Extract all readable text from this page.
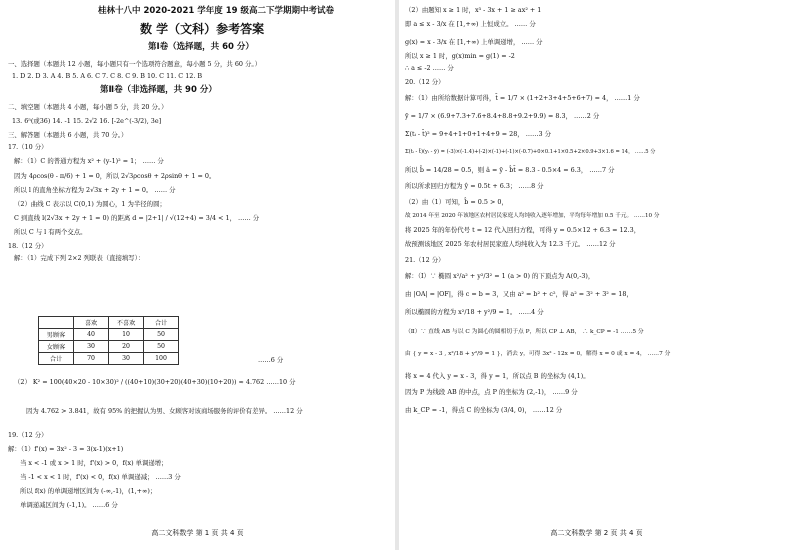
桂林十八中 2020-2021 学年度 19 级高二下学期期中考试卷
数 学（文科）参考答案
第Ⅰ卷（选择题，共 60 分）
一、选择题（本题共 12 小题，每小题只有一个选项符合题意，每小题 5 分，共 60 分。）
1. D 2. D 3. A 4. B 5. A 6. C 7. C 8. C 9. B 10. C 11. C 12. B
第Ⅱ卷（非选择题，共 90 分）
二、填空题（本题共 4 小题，每小题 5 分，共 20 分。）
13. 6⁵(或36) 14. -1 15. 2√2 16. [-2e^(-3/2), 3e]
三、解答题（本题共 6 小题，共 70 分。）
17.（10 分）
解：（1）C 的普通方程为 x² + (y-1)² = 1； …… 分
因为 4ρcos(θ - π/6) + 1 = 0，所以 2√3ρcosθ + 2ρsinθ + 1 = 0。
所以 l 的直角坐标方程为 2√3x + 2y + 1 = 0。 …… 分
（2）曲线 C 表示以 C(0,1) 为圆心，1 为半径的圆；
C 到直线 l(2√3x + 2y + 1 = 0) 的距离 d = |2+1| / √(12+4) = 3/4 < 1， …… 分
所以 C 与 l 有两个交点。
18.（12 分）
解：（1）完成下列 2×2 列联表（直接填写）：
	喜欢	不喜欢	合计
男顾客	40	10	50
女顾客	30	20	50
合计	70	30	100	……6 分
（2） K² = 100(40×20 - 10×30)² / ((40+10)(30+20)(40+30)(10+20)) ≈ 4.762 ……10 分
因为 4.762 > 3.841，故有 95% 的把握认为男、女顾客对该商场服务的评价有差异。 ……12 分
19.（12 分）
解：（1）f'(x) = 3x² - 3 = 3(x-1)(x+1)
当 x < -1 或 x > 1 时，f'(x) > 0，f(x) 单调递增；
当 -1 < x < 1 时，f'(x) < 0，f(x) 单调递减； ……3 分
所以 f(x) 的单调递增区间为 (-∞,-1)，(1,+∞)；
单调递减区间为 (-1,1)。 ……6 分
高二文科数学 第 1 页 共 4 页
（2）由题知 x ≥ 1 时，x³ - 3x + 1 ≥ ax² + 1
即 a ≤ x - 3/x 在 [1,+∞) 上恒成立。 …… 分
g(x) = x - 3/x 在 [1,+∞) 上单调递增， …… 分
所以 x ≥ 1 时，g(x)min = g(1) = -2
∴ a ≤ -2 …… 分
20.（12 分）
解：（1）由所给数据计算可得，t̄ = 1/7 × (1+2+3+4+5+6+7) = 4， ……1 分
ȳ = 1/7 × (6.9+7.3+7.6+8.4+8.8+9.2+9.9) = 8.3， ……2 分
Σ(tᵢ - t̄)² = 9+4+1+0+1+4+9 = 28， ……3 分
Σ(tᵢ - t̄)(yᵢ - ȳ) = (-3)×(-1.4)+(-2)×(-1)+(-1)×(-0.7)+0×0.1+1×0.5+2×0.9+3×1.6 = 14， ……5 分
所以 b̂ = 14/28 = 0.5，则 â = ȳ - b̂t̄ = 8.3 - 0.5×4 = 6.3， ……7 分
所以所求回归方程为 ŷ = 0.5t + 6.3； ……8 分
（2）由（1）可知，b̂ = 0.5 > 0，
故 2014 年至 2020 年该地区农村居民家庭人均纯收入逐年增加，平均每年增加 0.5 千元。 ……10 分
将 2025 年的年份代号 t = 12 代入回归方程，可得 y = 0.5×12 + 6.3 = 12.3，
故预测该地区 2025 年农村居民家庭人均纯收入为 12.3 千元。 ……12 分
21.（12 分）
解：（Ⅰ）∵ 椭圆 x²/a² + y²/3² = 1 (a > 0) 的下顶点为 A(0,-3)，
由 |OA| = |OF|，得 c = b = 3，又由 a² = b² + c²，得 a² = 3² + 3² = 18，
所以椭圆的方程为 x²/18 + y²/9 = 1。 ……4 分
（Ⅱ）∵ 直线 AB 与以 C 为圆心的圆相切于点 P，所以 CP ⊥ AB， ∴ k_CP = -1 ……5 分
由 { y = x - 3 , x²/18 + y²/9 = 1 }，消去 y，可得 3x² - 12x = 0，解得 x = 0 或 x = 4， ……7 分
将 x = 4 代入 y = x - 3，得 y = 1，所以点 B 的坐标为 (4,1)。
因为 P 为线段 AB 的中点，点 P 的坐标为 (2,-1)， ……9 分
由 k_CP = -1，得点 C 的坐标为 (3/4, 0)， ……12 分
高二文科数学 第 2 页 共 4 页
